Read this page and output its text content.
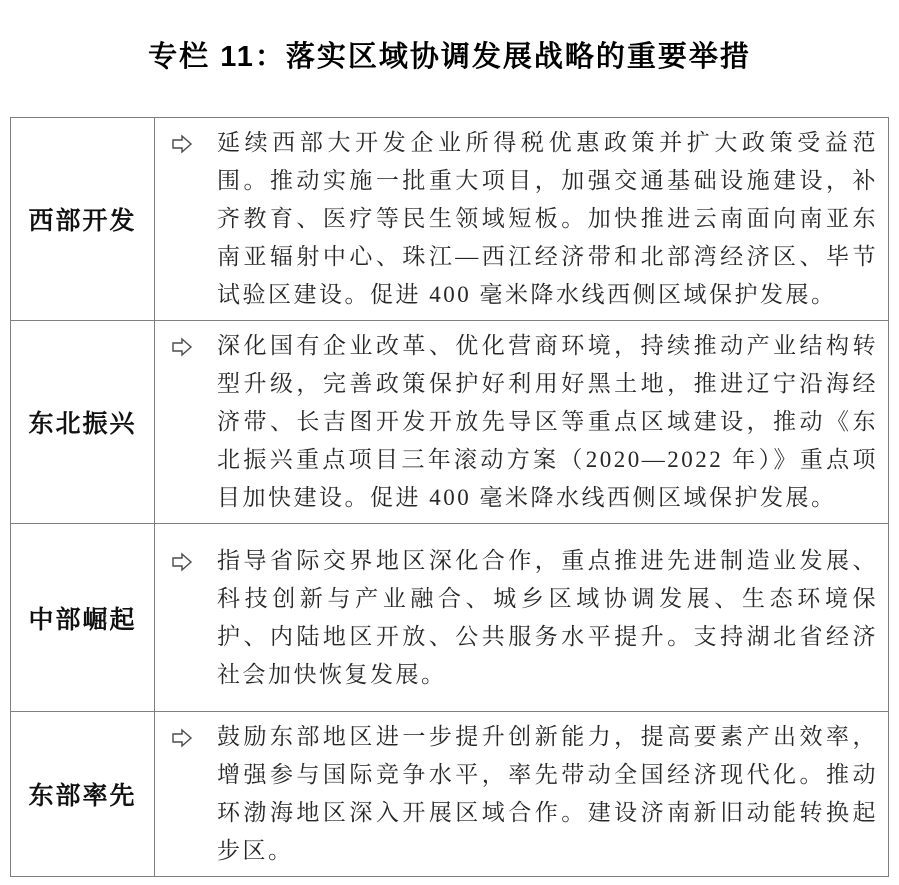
专栏 11：落实区域协调发展战略的重要举措
西部开发	延续西部大开发企业所得税优惠政策并扩大政策受益范围。推动实施一批重大项目，加强交通基础设施建设，补齐教育、医疗等民生领域短板。加快推进云南面向南亚东南亚辐射中心、珠江—西江经济带和北部湾经济区、毕节试验区建设。促进 400 毫米降水线西侧区域保护发展。

东北振兴	深化国有企业改革、优化营商环境，持续推动产业结构转型升级，完善政策保护好利用好黑土地，推进辽宁沿海经济带、长吉图开发开放先导区等重点区域建设，推动《东北振兴重点项目三年滚动方案（2020—2022 年）》重点项目加快建设。促进 400 毫米降水线西侧区域保护发展。

中部崛起	指导省际交界地区深化合作，重点推进先进制造业发展、科技创新与产业融合、城乡区域协调发展、生态环境保护、内陆地区开放、公共服务水平提升。支持湖北省经济社会加快恢复发展。

东部率先	鼓励东部地区进一步提升创新能力，提高要素产出效率，增强参与国际竞争水平，率先带动全国经济现代化。推动环渤海地区深入开展区域合作。建设济南新旧动能转换起步区。
